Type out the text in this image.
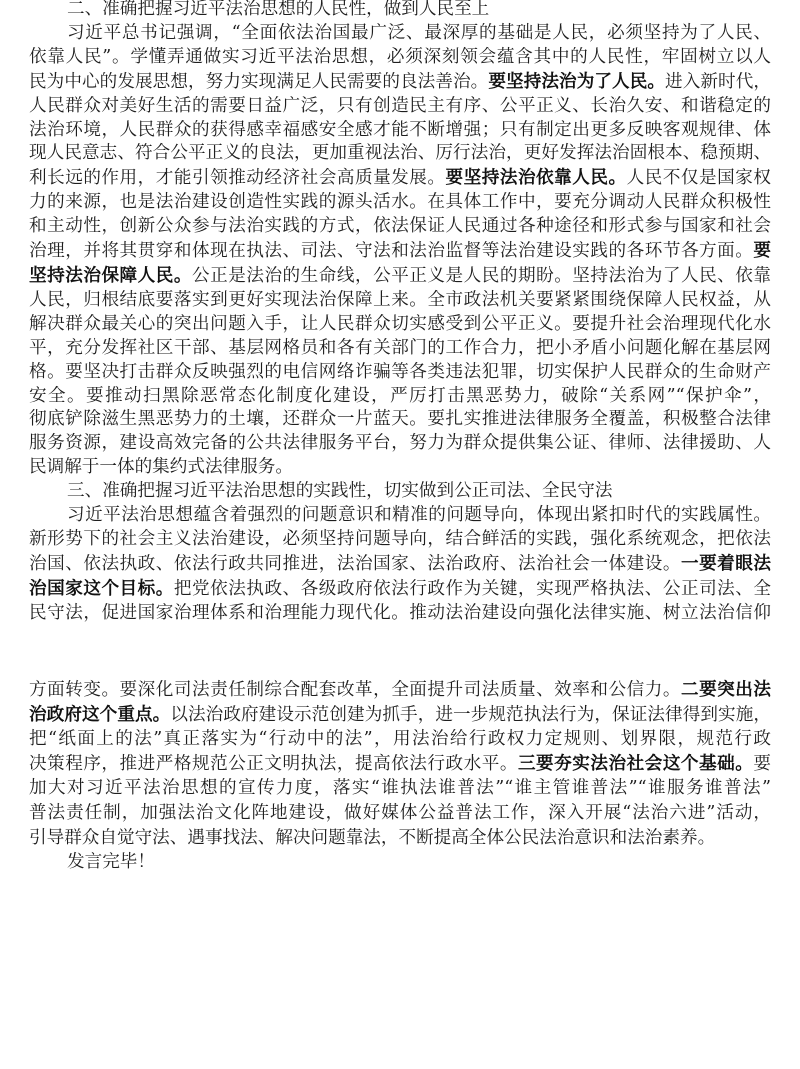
二、准确把握习近平法治思想的人民性，做到人民至上
习近平总书记强调，“全面依法治国最广泛、最深厚的基础是人民，必须坚持为了人民、
依靠人民”。学懂弄通做实习近平法治思想，必须深刻领会蕴含其中的人民性，牢固树立以人
民为中心的发展思想，努力实现满足人民需要的良法善治。要坚持法治为了人民。进入新时代，
人民群众对美好生活的需要日益广泛，只有创造民主有序、公平正义、长治久安、和谐稳定的
法治环境，人民群众的获得感幸福感安全感才能不断增强；只有制定出更多反映客观规律、体
现人民意志、符合公平正义的良法，更加重视法治、厉行法治，更好发挥法治固根本、稳预期、
利长远的作用，才能引领推动经济社会高质量发展。要坚持法治依靠人民。人民不仅是国家权
力的来源，也是法治建设创造性实践的源头活水。在具体工作中，要充分调动人民群众积极性
和主动性，创新公众参与法治实践的方式，依法保证人民通过各种途径和形式参与国家和社会
治理，并将其贯穿和体现在执法、司法、守法和法治监督等法治建设实践的各环节各方面。要
坚持法治保障人民。公正是法治的生命线，公平正义是人民的期盼。坚持法治为了人民、依靠
人民，归根结底要落实到更好实现法治保障上来。全市政法机关要紧紧围绕保障人民权益，从
解决群众最关心的突出问题入手，让人民群众切实感受到公平正义。要提升社会治理现代化水
平，充分发挥社区干部、基层网格员和各有关部门的工作合力，把小矛盾小问题化解在基层网
格。要坚决打击群众反映强烈的电信网络诈骗等各类违法犯罪，切实保护人民群众的生命财产
安全。要推动扫黑除恶常态化制度化建设，严厉打击黑恶势力，破除“关系网”“保护伞”，
彻底铲除滋生黑恶势力的土壤，还群众一片蓝天。要扎实推进法律服务全覆盖，积极整合法律
服务资源，建设高效完备的公共法律服务平台，努力为群众提供集公证、律师、法律援助、人
民调解于一体的集约式法律服务。
三、准确把握习近平法治思想的实践性，切实做到公正司法、全民守法
习近平法治思想蕴含着强烈的问题意识和精准的问题导向，体现出紧扣时代的实践属性。
新形势下的社会主义法治建设，必须坚持问题导向，结合鲜活的实践，强化系统观念，把依法
治国、依法执政、依法行政共同推进，法治国家、法治政府、法治社会一体建设。一要着眼法
治国家这个目标。把党依法执政、各级政府依法行政作为关键，实现严格执法、公正司法、全
民守法，促进国家治理体系和治理能力现代化。推动法治建设向强化法律实施、树立法治信仰
方面转变。要深化司法责任制综合配套改革，全面提升司法质量、效率和公信力。二要突出法
治政府这个重点。以法治政府建设示范创建为抓手，进一步规范执法行为，保证法律得到实施，
把“纸面上的法”真正落实为“行动中的法”，用法治给行政权力定规则、划界限，规范行政
决策程序，推进严格规范公正文明执法，提高依法行政水平。三要夯实法治社会这个基础。要
加大对习近平法治思想的宣传力度，落实“谁执法谁普法”“谁主管谁普法”“谁服务谁普法”
普法责任制，加强法治文化阵地建设，做好媒体公益普法工作，深入开展“法治六进”活动，
引导群众自觉守法、遇事找法、解决问题靠法，不断提高全体公民法治意识和法治素养。
发言完毕！
